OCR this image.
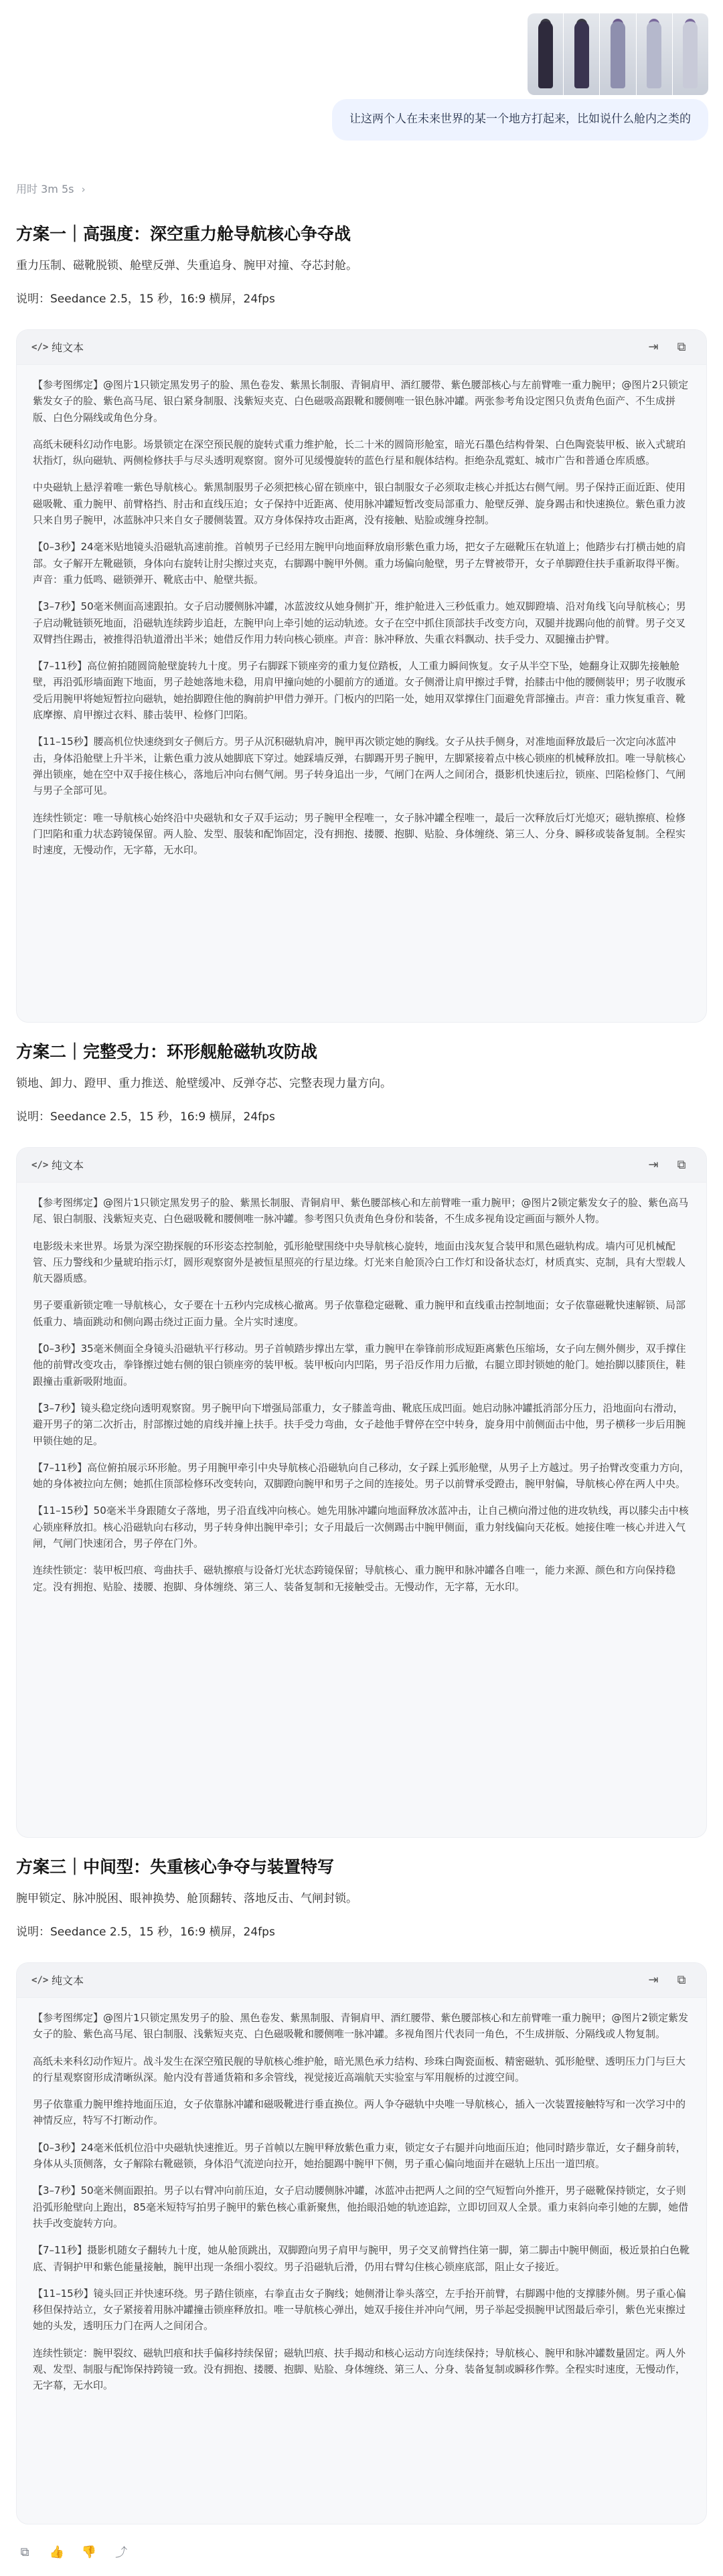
让这两个人在未来世界的某一个地方打起来，比如说什么舱内之类的
用时 3m 5s ›
方案一｜高强度：深空重力舱导航核心争夺战
重力压制、磁靴脱锁、舱壁反弹、失重追身、腕甲对撞、夺芯封舱。
说明：Seedance 2.5，15 秒，16:9 横屏，24fps
</> 纯文本	⇥	⧉

【参考图绑定】@图片1只锁定黑发男子的脸、黑色卷发、紫黑长制服、青铜肩甲、酒红腰带、紫色腰部核心与左前臂唯一重力腕甲；@图片2只锁定紫发女子的脸、紫色高马尾、银白紧身制服、浅紫短夹克、白色磁吸高跟靴和腰侧唯一银色脉冲罐。两张参考角设定图只负责角色面产、不生成拼版、白色分隔线或角色分身。

高纸未硬科幻动作电影。场景锁定在深空预民舰的旋转式重力维护舱，长二十米的圆筒形舱室，暗光石墨色结构骨架、白色陶瓷装甲板、嵌入式琥珀状指灯，纵向磁轨、两侧检修扶手与尽头透明观察窗。窗外可见缓慢旋转的蓝色行星和舰体结构。拒绝杂乱霓虹、城市广告和普通仓库质感。

中央磁轨上悬浮着唯一紫色导航核心。紫黑制服男子必须把核心留在锁座中，银白制服女子必须取走核心并抵达右侧气闸。男子保持正面近距、使用磁吸靴、重力腕甲、前臂格挡、肘击和直线压迫；女子保持中近距离、使用脉冲罐短暂改变局部重力、舱壁反弹、旋身踢击和快速换位。紫色重力波只来自男子腕甲，冰蓝脉冲只来自女子腰侧装置。双方身体保持攻击距离，没有接触、贴脸或缠身控制。

【0–3秒】24毫米贴地镜头沿磁轨高速前推。首帧男子已经用左腕甲向地面释放扇形紫色重力场，把女子左磁靴压在轨道上；他踏步右打横击她的肩部。女子解开左靴磁锁，身体向右旋转让肘尖擦过夹克，右脚踢中腕甲外侧。重力场偏向舱壁，男子左臂被带开，女子单脚蹬住扶手重新取得平衡。声音：重力低鸣、磁锁弹开、靴底击中、舱壁共振。

【3–7秒】50毫米侧面高速跟拍。女子启动腰侧脉冲罐，冰蓝波纹从她身侧扩开，维护舱进入三秒低重力。她双脚蹬墙、沿对角线飞向导航核心；男子启动靴链锁死地面，沿磁轨连续跨步追赶，左腕甲向上牵引她的运动轨迹。女子在空中抓住顶部扶手改变方向，双腿并拢踢向他的前臂。男子交叉双臂挡住踢击，被推得沿轨道滑出半米；她借反作用力转向核心锁座。声音：脉冲释放、失重衣料飘动、扶手受力、双腿撞击护臂。

【7–11秒】高位俯拍随圆筒舱壁旋转九十度。男子右脚踩下锁座旁的重力复位踏板，人工重力瞬间恢复。女子从半空下坠，她翻身让双脚先接触舱壁，再沿弧形墙面跑下地面，男子趁她落地未稳，用肩甲撞向她的小腿前方的通道。女子侧滑让肩甲擦过手臂，抬膝击中他的腰侧装甲；男子收腹承受后用腕甲将她短暂拉向磁轨，她抬脚蹬住他的胸前护甲借力弹开。门板内的凹陷一处，她用双掌撑住门面避免背部撞击。声音：重力恢复重音、靴底摩擦、肩甲擦过衣料、膝击装甲、检修门凹陷。

【11–15秒】腰高机位快速绕到女子侧后方。男子从沉积磁轨肩冲，腕甲再次锁定她的胸线。女子从扶手侧身，对准地面释放最后一次定向冰蓝冲击，身体沿舱壁上升半米，让紫色重力波从她脚底下穿过。她踩墙反弹，右脚踢开男子腕甲，左脚紧接着点中核心锁座的机械释放扣。唯一导航核心弹出锁座，她在空中双手接住核心，落地后冲向右侧气闸。男子转身追出一步，气闸门在两人之间闭合，摄影机快速后拉，锁座、凹陷检修门、气闸与男子全部可见。

连续性锁定：唯一导航核心始终沿中央磁轨和女子双手运动；男子腕甲全程唯一，女子脉冲罐全程唯一，最后一次释放后灯光熄灭；磁轨擦痕、检修门凹陷和重力状态跨镜保留。两人脸、发型、服装和配饰固定，没有拥抱、搂腰、抱脚、贴脸、身体缠绕、第三人、分身、瞬移或装备复制。全程实时速度，无慢动作，无字幕，无水印。

方案二｜完整受力：环形舰舱磁轨攻防战
锁地、卸力、蹬甲、重力推送、舱壁缓冲、反弹夺芯、完整表现力量方向。
说明：Seedance 2.5，15 秒，16:9 横屏，24fps
</> 纯文本	⇥	⧉

【参考图绑定】@图片1只锁定黑发男子的脸、紫黑长制服、青铜肩甲、紫色腰部核心和左前臂唯一重力腕甲；@图片2锁定紫发女子的脸、紫色高马尾、银白制服、浅紫短夹克、白色磁吸靴和腰侧唯一脉冲罐。参考图只负责角色身份和装备，不生成多视角设定画面与额外人物。

电影级未来世界。场景为深空勘探舰的环形姿态控制舱，弧形舱壁围绕中央导航核心旋转，地面由浅灰复合装甲和黑色磁轨构成。墙内可见机械配管、压力警线和少量琥珀指示灯，圆形观察窗外是被恒星照亮的行星边缘。灯光来自舱顶冷白工作灯和设备状态灯，材质真实、克制，具有大型载人航天器质感。

男子要重新锁定唯一导航核心，女子要在十五秒内完成核心撤离。男子依靠稳定磁靴、重力腕甲和直线重击控制地面；女子依靠磁靴快速解锁、局部低重力、墙面跳动和侧向踢击绕过正面力量。全片实时速度。

【0–3秒】35毫米侧面全身镜头沿磁轨平行移动。男子首帧踏步撑出左掌，重力腕甲在拳锋前形成短距离紫色压缩场，女子向左侧外侧步，双手撑住他的前臂改变攻击，拳锋擦过她右侧的银白锁座旁的装甲板。装甲板向内凹陷，男子沿反作用力后撤，右腿立即封锁她的舱门。她抬脚以膝顶住，鞋跟撞击重新吸附地面。

【3–7秒】镜头稳定绕向透明观察窗。男子腕甲向下增强局部重力，女子膝盖弯曲、靴底压成凹面。她启动脉冲罐抵消部分压力，沿地面向右滑动，避开男子的第二次折击，肘部擦过她的肩线并撞上扶手。扶手受力弯曲，女子趁他手臂停在空中转身，旋身用中前侧面击中他，男子横移一步后用腕甲锁住她的足。

【7–11秒】高位俯拍展示环形舱。男子用腕甲牵引中央导航核心沿磁轨向自己移动，女子踩上弧形舱壁，从男子上方越过。男子抬臂改变重力方向，她的身体被拉向左侧；她抓住顶部检修环改变转向，双脚蹬向腕甲和男子之间的连接处。男子以前臂承受蹬击，腕甲射偏，导航核心停在两人中央。

【11–15秒】50毫米半身跟随女子落地，男子沿直线冲向核心。她先用脉冲罐向地面释放冰蓝冲击，让自己横向滑过他的进攻轨线，再以膝尖击中核心锁座释放扣。核心沿磁轨向右移动，男子转身伸出腕甲牵引；女子用最后一次侧踢击中腕甲侧面，重力射线偏向天花板。她接住唯一核心并进入气闸，气闸门快速闭合，男子停在门外。

连续性锁定：装甲板凹痕、弯曲扶手、磁轨擦痕与设备灯光状态跨镜保留；导航核心、重力腕甲和脉冲罐各自唯一，能力来源、颜色和方向保持稳定。没有拥抱、贴脸、搂腰、抱脚、身体缠绕、第三人、装备复制和无接触受击。无慢动作，无字幕，无水印。

方案三｜中间型：失重核心争夺与装置特写
腕甲锁定、脉冲脱困、眼神换势、舱顶翻转、落地反击、气闸封锁。
说明：Seedance 2.5，15 秒，16:9 横屏，24fps
</> 纯文本	⇥	⧉

【参考图绑定】@图片1只锁定黑发男子的脸、黑色卷发、紫黑制服、青铜肩甲、酒红腰带、紫色腰部核心和左前臂唯一重力腕甲；@图片2锁定紫发女子的脸、紫色高马尾、银白制服、浅紫短夹克、白色磁吸靴和腰侧唯一脉冲罐。多视角图片代表同一角色，不生成拼版、分隔线或人物复制。

高纸未来科幻动作短片。战斗发生在深空殖民舰的导航核心维护舱，暗光黑色承力结构、珍珠白陶瓷面板、精密磁轨、弧形舱壁、透明压力门与巨大的行星观察窗形成清晰纵深。舱内没有普通货箱和多余管线，视觉接近高端航天实验室与军用舰桥的过渡空间。

男子依靠重力腕甲维持地面压迫，女子依靠脉冲罐和磁吸靴进行垂直换位。两人争夺磁轨中央唯一导航核心，插入一次装置接触特写和一次学习中的神情反应，特写不打断动作。

【0–3秒】24毫米低机位沿中央磁轨快速推近。男子首帧以左腕甲释放紫色重力束，锁定女子右腿并向地面压迫；他同时踏步靠近，女子翻身前转，身体从头顶侧落，女子解除右靴磁锁，身体沿气流逆向拉开，她抬腿踢中腕甲下侧，男子重心偏向地面并在磁轨上压出一道凹痕。

【3–7秒】50毫米侧面跟拍。男子以右臂冲向前压迫，女子启动腰侧脉冲罐，冰蓝冲击把两人之间的空气短暂向外推开，男子磁靴保持锁定，女子则沿弧形舱壁向上跑出，85毫米短特写拍男子腕甲的紫色核心重新聚焦，他抬眼沿她的轨迹追踪，立即切回双人全景。重力束斜向牵引她的左脚，她借扶手改变旋转方向。

【7–11秒】摄影机随女子翻转九十度，她从舱顶跳出，双脚蹬向男子肩甲与腕甲，男子交叉前臂挡住第一脚，第二脚击中腕甲侧面，极近景拍白色靴底、青铜护甲和紫色能量接触，腕甲出现一条细小裂纹。男子沿磁轨后滑，仍用右臂勾住核心锁座底部，阻止女子接近。

【11–15秒】镜头回正并快速环绕。男子踏住锁座，右拳直击女子胸线；她侧滑让拳头落空，左手抬开前臂，右脚踢中他的支撑膝外侧。男子重心偏移但保持站立，女子紧接着用脉冲罐撞击锁座释放扣。唯一导航核心弹出，她双手接住并冲向气闸，男子举起受损腕甲试图最后牵引，紫色光束擦过她的头发，透明压力门在两人之间闭合。

连续性锁定：腕甲裂纹、磁轨凹痕和扶手偏移持续保留；磁轨凹痕、扶手揭动和核心运动方向连续保持；导航核心、腕甲和脉冲罐数量固定。两人外观、发型、制服与配饰保持跨镜一致。没有拥抱、搂腰、抱脚、贴脸、身体缠绕、第三人、分身、装备复制或瞬移作弊。全程实时速度，无慢动作，无字幕，无水印。

⧉	👍 👎 ⤴
